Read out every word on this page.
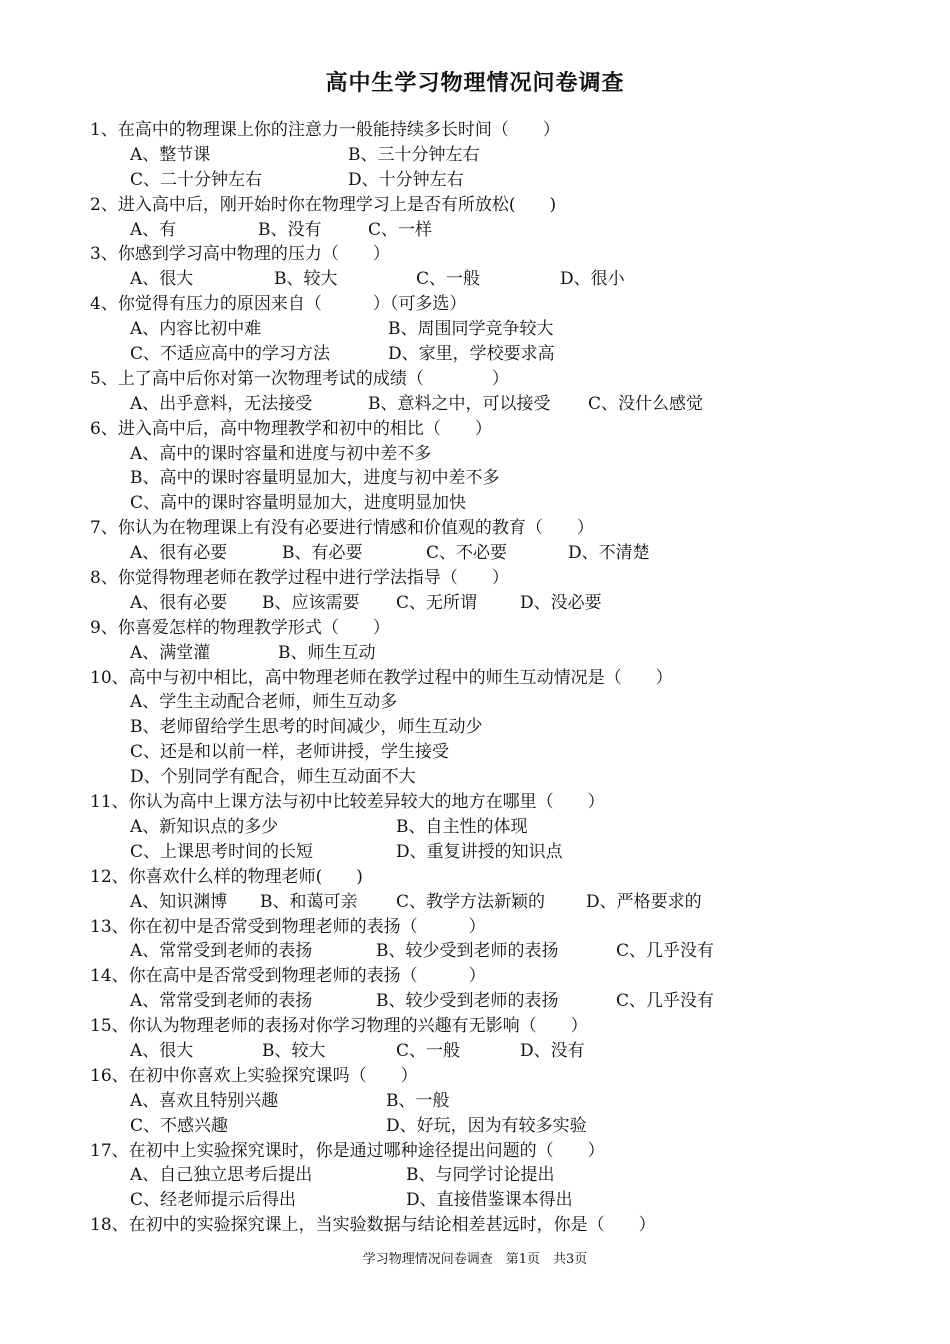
高中生学习物理情况问卷调查
1、在高中的物理课上你的注意力一般能持续多长时间（　　）
A、整节课	B、三十分钟左右
C、二十分钟左右	D、十分钟左右
2、进入高中后，刚开始时你在物理学习上是否有所放松(　　)
A、有	B、没有	C、一样
3、你感到学习高中物理的压力（　　）
A、很大	B、较大	C、一般	D、很小
4、你觉得有压力的原因来自（　　　）（可多选）
A、内容比初中难	B、周围同学竞争较大
C、不适应高中的学习方法	D、家里，学校要求高
5、上了高中后你对第一次物理考试的成绩（　　　　）
A、出乎意料，无法接受	B、意料之中，可以接受 C、没什么感觉
6、进入高中后，高中物理教学和初中的相比（　　）
A、高中的课时容量和进度与初中差不多
B、高中的课时容量明显加大，进度与初中差不多
C、高中的课时容量明显加大，进度明显加快
7、你认为在物理课上有没有必要进行情感和价值观的教育（　　）
A、很有必要	B、有必要	C、不必要	D、不清楚
8、你觉得物理老师在教学过程中进行学法指导（　　）
A、很有必要 B、应该需要 C、无所谓	D、没必要
9、你喜爱怎样的物理教学形式（　　）
A、满堂灌	B、师生互动
10、高中与初中相比，高中物理老师在教学过程中的师生互动情况是（　　）
A、学生主动配合老师，师生互动多
B、老师留给学生思考的时间减少，师生互动少
C、还是和以前一样，老师讲授，学生接受
D、个别同学有配合，师生互动面不大
11、你认为高中上课方法与初中比较差异较大的地方在哪里（　　）
A、新知识点的多少	B、自主性的体现
C、上课思考时间的长短	D、重复讲授的知识点
12、你喜欢什么样的物理老师(　　)
A、知识渊博 B、和蔼可亲 C、教学方法新颖的 D、严格要求的
13、你在初中是否常受到物理老师的表扬（　　　）
A、常常受到老师的表扬	B、较少受到老师的表扬	C、几乎没有
14、你在高中是否常受到物理老师的表扬（　　　）
A、常常受到老师的表扬	B、较少受到老师的表扬	C、几乎没有
15、你认为物理老师的表扬对你学习物理的兴趣有无影响（　　）
A、很大	B、较大	C、一般	D、没有
16、在初中你喜欢上实验探究课吗（　　）
A、喜欢且特别兴趣	B、一般
C、不感兴趣	D、好玩，因为有较多实验
17、在初中上实验探究课时，你是通过哪种途径提出问题的（　　）
A、自己独立思考后提出	B、与同学讨论提出
C、经老师提示后得出	D、直接借鉴课本得出
18、在初中的实验探究课上，当实验数据与结论相差甚远时，你是（　　）
学习物理情况问卷调查　第1页　共3页
